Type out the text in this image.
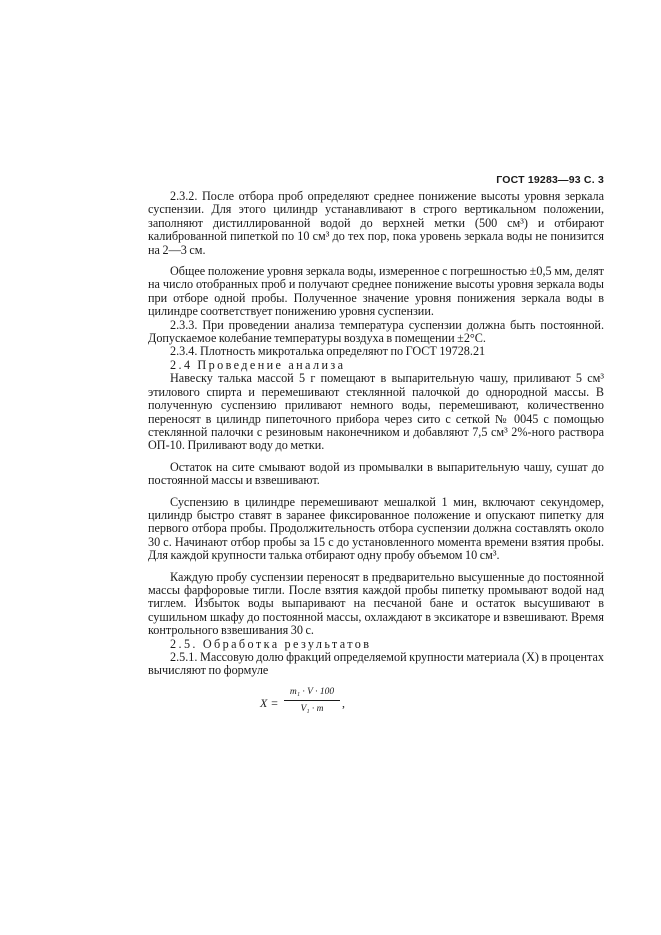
ГОСТ 19283—93 С. 3

2.3.2. После отбора проб определяют среднее понижение высоты уровня зеркала суспензии. Для этого цилиндр устанавливают в строго вертикальном положении, заполняют дистиллированной водой до верхней метки (500 см³) и отбирают калиброванной пипеткой по 10 см³ до тех пор, пока уровень зеркала воды не понизится на 2—3 см.

Общее положение уровня зеркала воды, измеренное с погрешностью ±0,5 мм, делят на число отобранных проб и получают среднее понижение высоты уровня зеркала воды при отборе одной пробы. Полученное значение уровня понижения зеркала воды в цилиндре соответствует понижению уровня суспензии.

2.3.3. При проведении анализа температура суспензии должна быть постоянной. Допускаемое колебание температуры воздуха в помещении ±2°С.

2.3.4. Плотность микроталька определяют по ГОСТ 19728.21

2.4 Проведение анализа

Навеску талька массой 5 г помещают в выпарительную чашу, приливают 5 см³ этилового спирта и перемешивают стеклянной палочкой до однородной массы. В полученную суспензию приливают немного воды, перемешивают, количественно переносят в цилиндр пипеточного прибора через сито с сеткой № 0045 с помощью стеклянной палочки с резиновым наконечником и добавляют 7,5 см³ 2%-ного раствора ОП-10. Приливают воду до метки.

Остаток на сите смывают водой из промывалки в выпарительную чашу, сушат до постоянной массы и взвешивают.

Суспензию в цилиндре перемешивают мешалкой 1 мин, включают секундомер, цилиндр быстро ставят в заранее фиксированное положение и опускают пипетку для первого отбора пробы. Продолжительность отбора суспензии должна составлять около 30 с. Начинают отбор пробы за 15 с до установленного момента времени взятия пробы. Для каждой крупности талька отбирают одну пробу объемом 10 см³.

Каждую пробу суспензии переносят в предварительно высушенные до постоянной массы фарфоровые тигли. После взятия каждой пробы пипетку промывают водой над тиглем. Избыток воды выпаривают на песчаной бане и остаток высушивают в сушильном шкафу до постоянной массы, охлаждают в эксикаторе и взвешивают. Время контрольного взвешивания 30 с.

2.5. Обработка результатов

2.5.1. Массовую долю фракций определяемой крупности материала (X) в процентах вычисляют по формуле

$X = \frac{\text{m₁ · V · 100}}{\text{V₁ · m}}$ ,
